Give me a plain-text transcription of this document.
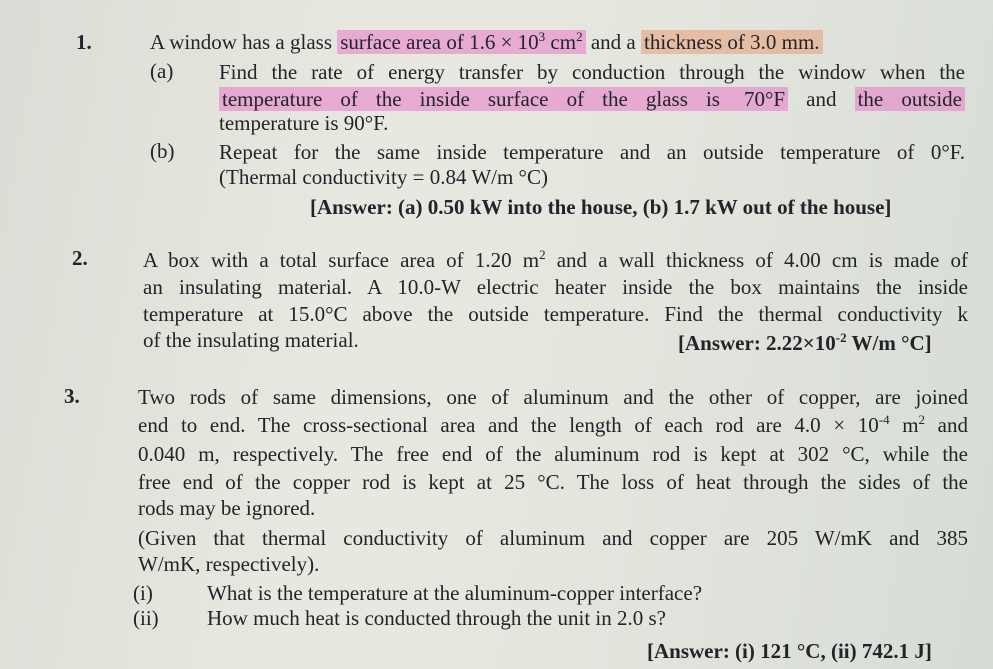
1.	A window has a glass surface area of $1.6 \times 10^3$ $cm^2$ and a thickness of 3.0 mm.
(a) Find the rate of energy transfer by conduction through the window when the
temperature of the inside surface of the glass is 70°F and the outside
temperature is 90°F.
(b) Repeat for the same inside temperature and an outside temperature of 0°F.
(Thermal conductivity = 0.84 W/m °C)
[Answer: (a) 0.50 kW into the house, (b) 1.7 kW out of the house]
2.	A box with a total surface area of 1.20 $m^2$ and a wall thickness of 4.00 cm is made of
an insulating material. A 10.0-W electric heater inside the box maintains the inside
temperature at 15.0°C above the outside temperature. Find the thermal conductivity k
of the insulating material.	[Answer: $2.22\times 10^{-2}$ W/m °C]
3.	Two rods of same dimensions, one of aluminum and the other of copper, are joined
end to end. The cross-sectional area and the length of each rod are $4.0 \times 10^{-4}$ $m^2$ and
0.040 m, respectively. The free end of the aluminum rod is kept at 302 °C, while the
free end of the copper rod is kept at 25 °C. The loss of heat through the sides of the
rods may be ignored.
(Given that thermal conductivity of aluminum and copper are 205 W/mK and 385
W/mK, respectively).
(i)	What is the temperature at the aluminum-copper interface?
(ii) How much heat is conducted through the unit in 2.0 s?
[Answer: (i) 121 °C, (ii) 742.1 J]
